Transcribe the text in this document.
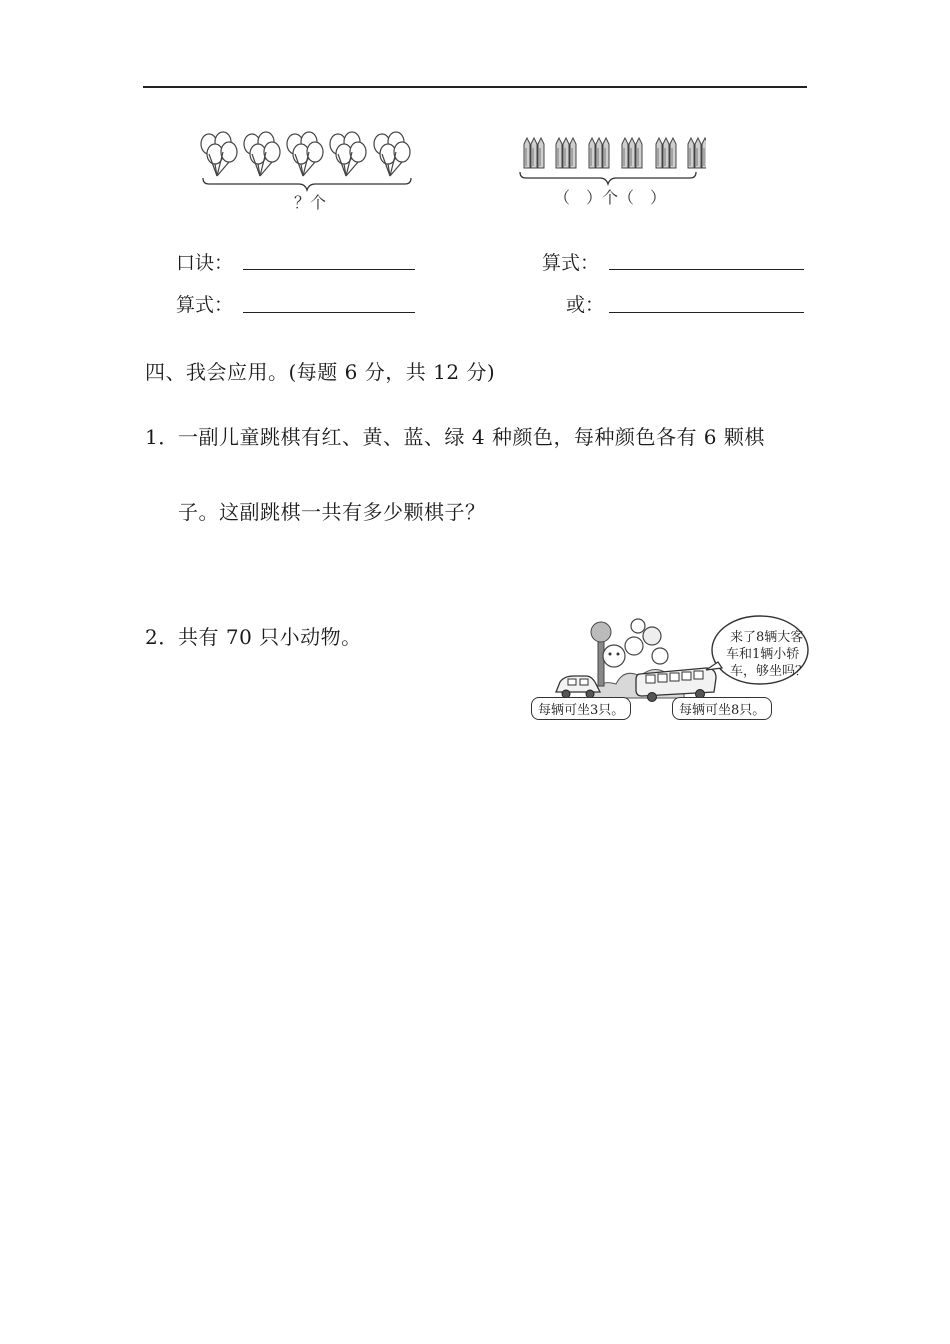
？个	（　）个（　）
口诀：	算式：
算式：	或：
四、我会应用。(每题 6 分，共 12 分)
1． 一副儿童跳棋有红、黄、蓝、绿 4 种颜色，每种颜色各有 6 颗棋
子。这副跳棋一共有多少颗棋子？
2． 共有 70 只小动物。	来了8辆大客
车和1辆小轿
车，够坐吗？
每辆可坐3只。	每辆可坐8只。
